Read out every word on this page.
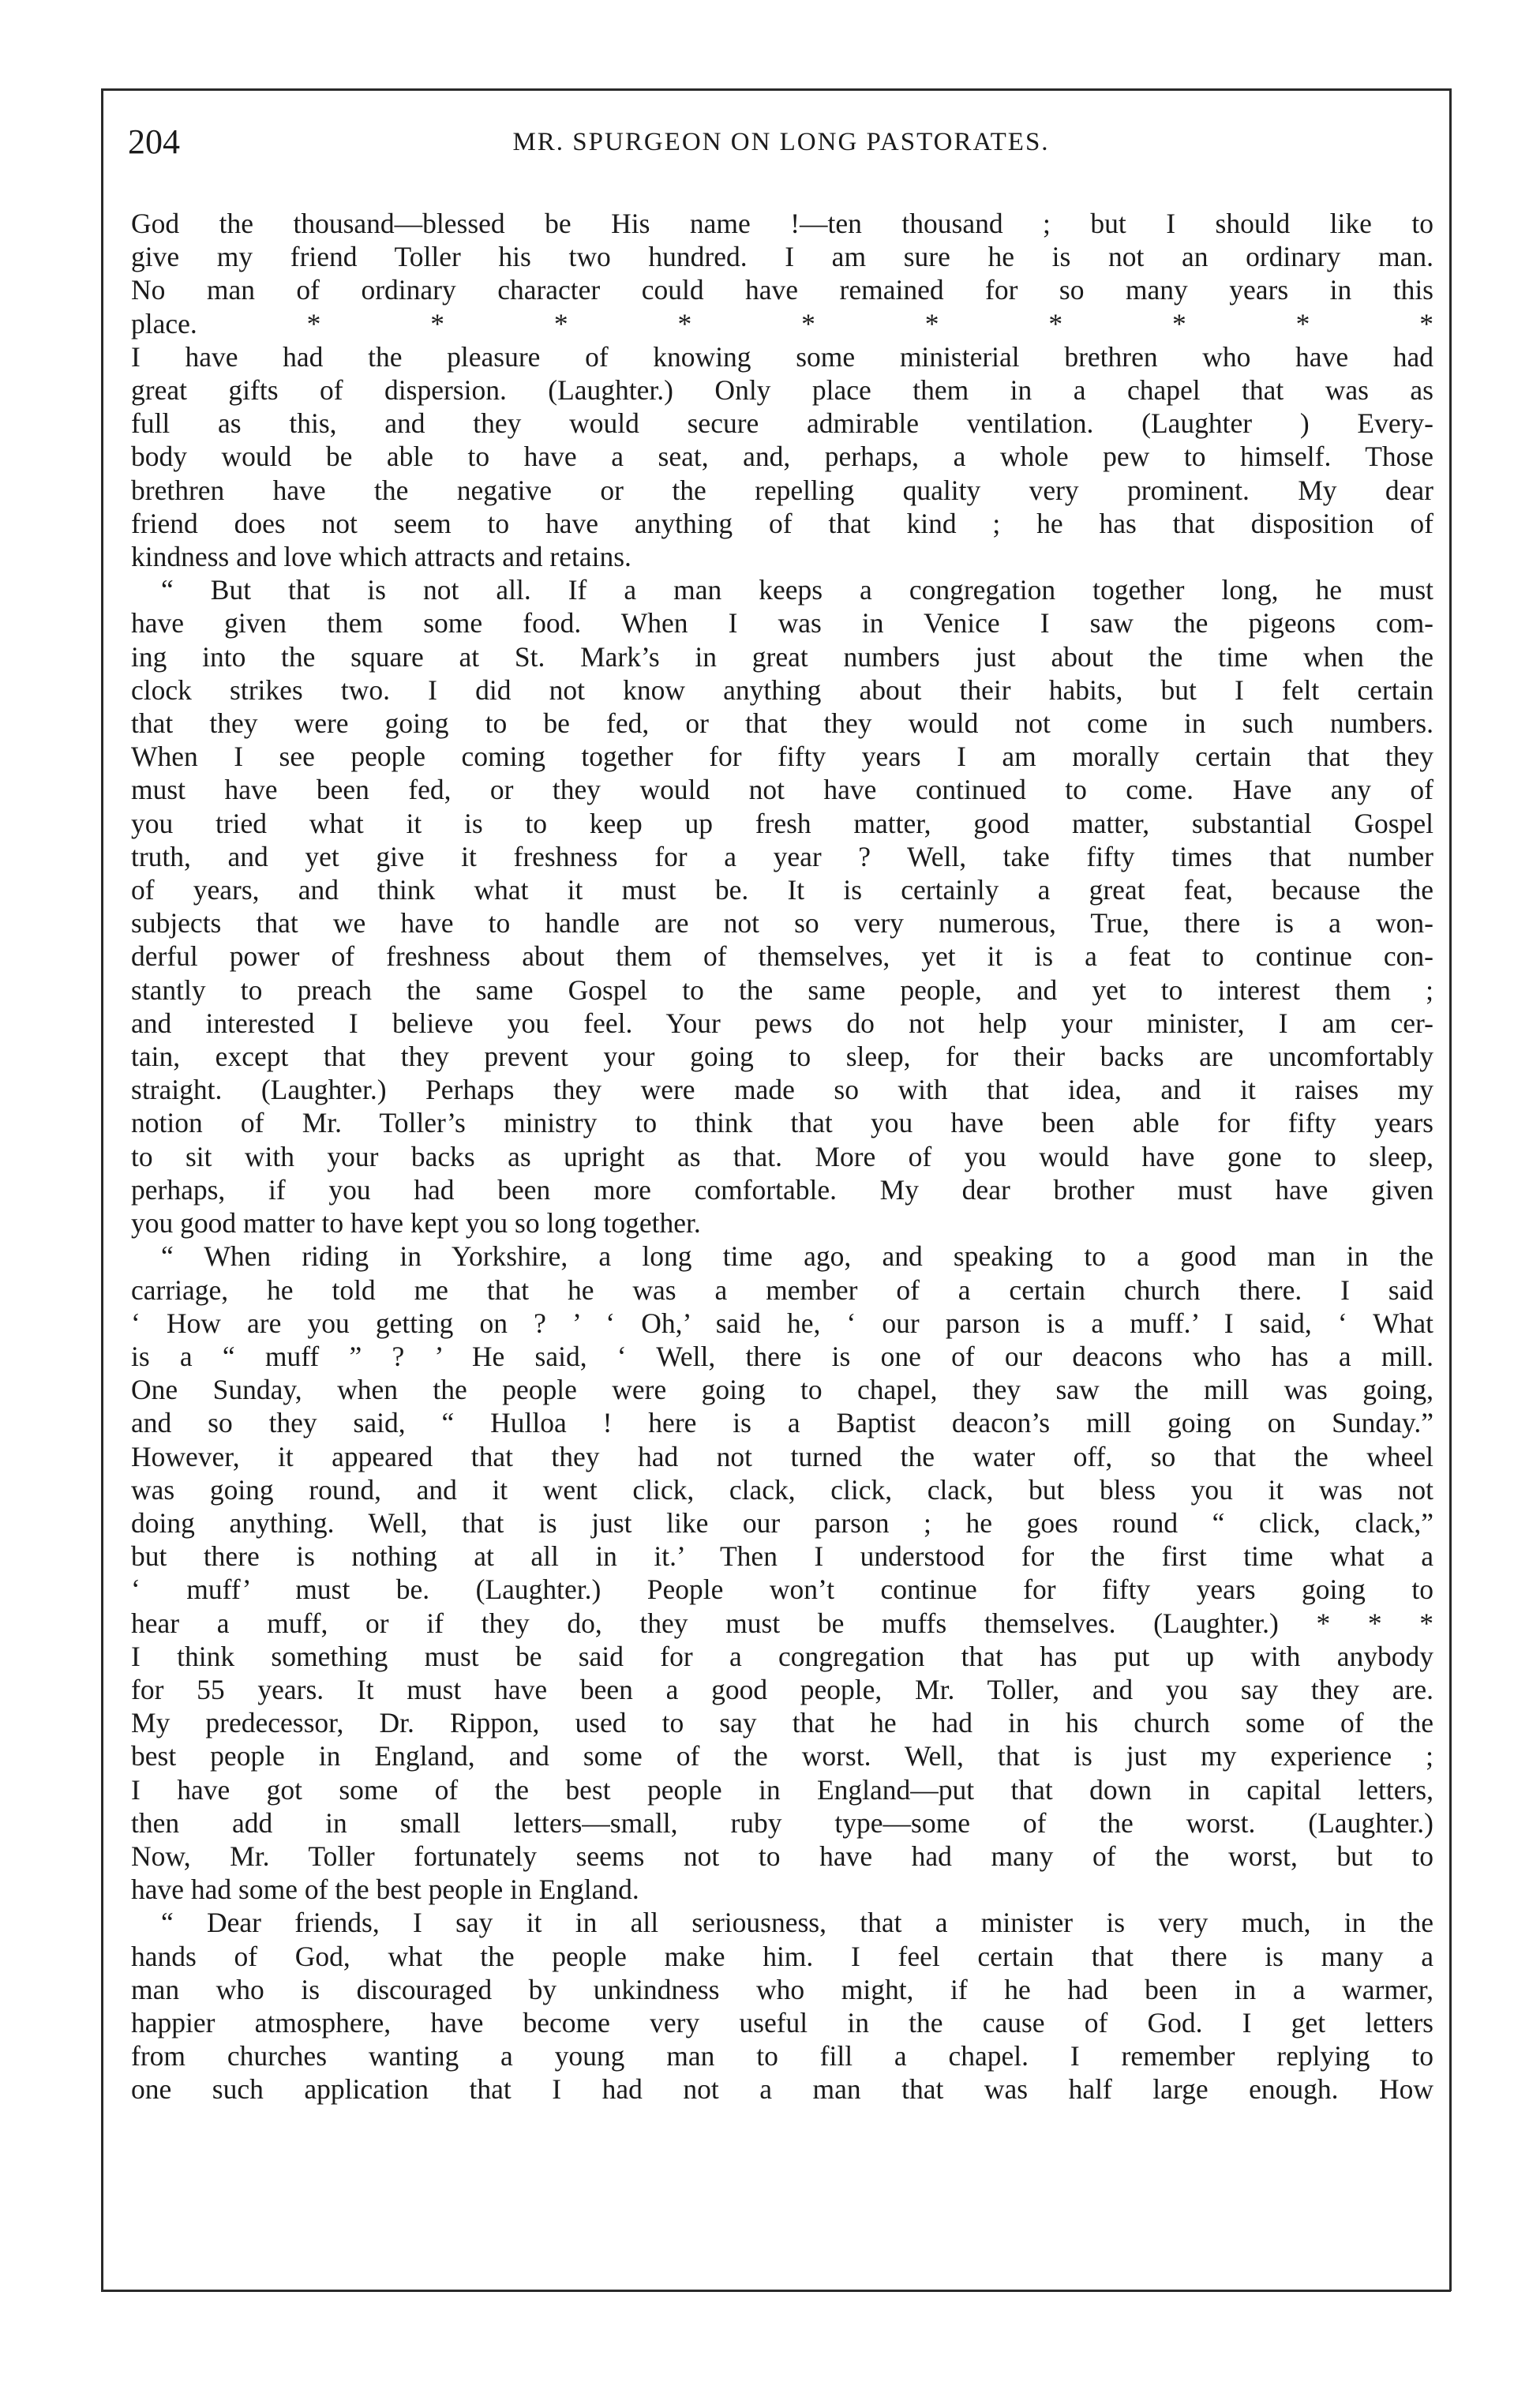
204	MR. SPURGEON ON LONG PASTORATES.
God the thousand—blessed be His name !—ten thousand ; but I should like to
give my friend Toller his two hundred. I am sure he is not an ordinary man.
No man of ordinary character could have remained for so many years in this
place. * * * * * * * * * *
I have had the pleasure of knowing some ministerial brethren who have had
great gifts of dispersion. (Laughter.) Only place them in a chapel that was as
full as this, and they would secure admirable ventilation. (Laughter ) Every-
body would be able to have a seat, and, perhaps, a whole pew to himself. Those
brethren have the negative or the repelling quality very prominent. My dear
friend does not seem to have anything of that kind ; he has that disposition of
kindness and love which attracts and retains.
“ But that is not all. If a man keeps a congregation together long, he must
have given them some food. When I was in Venice I saw the pigeons com-
ing into the square at St. Mark’s in great numbers just about the time when the
clock strikes two. I did not know anything about their habits, but I felt certain
that they were going to be fed, or that they would not come in such numbers.
When I see people coming together for fifty years I am morally certain that they
must have been fed, or they would not have continued to come. Have any of
you tried what it is to keep up fresh matter, good matter, substantial Gospel
truth, and yet give it freshness for a year ? Well, take fifty times that number
of years, and think what it must be. It is certainly a great feat, because the
subjects that we have to handle are not so very numerous, True, there is a won-
derful power of freshness about them of themselves, yet it is a feat to continue con-
stantly to preach the same Gospel to the same people, and yet to interest them ;
and interested I believe you feel. Your pews do not help your minister, I am cer-
tain, except that they prevent your going to sleep, for their backs are uncomfortably
straight. (Laughter.) Perhaps they were made so with that idea, and it raises my
notion of Mr. Toller’s ministry to think that you have been able for fifty years
to sit with your backs as upright as that. More of you would have gone to sleep,
perhaps, if you had been more comfortable. My dear brother must have given
you good matter to have kept you so long together.
“ When riding in Yorkshire, a long time ago, and speaking to a good man in the
carriage, he told me that he was a member of a certain church there. I said
‘ How are you getting on ? ’ ‘ Oh,’ said he, ‘ our parson is a muff.’ I said, ‘ What
is a “ muff ” ? ’ He said, ‘ Well, there is one of our deacons who has a mill.
One Sunday, when the people were going to chapel, they saw the mill was going,
and so they said, “ Hulloa ! here is a Baptist deacon’s mill going on Sunday.”
However, it appeared that they had not turned the water off, so that the wheel
was going round, and it went click, clack, click, clack, but bless you it was not
doing anything. Well, that is just like our parson ; he goes round “ click, clack,”
but there is nothing at all in it.’ Then I understood for the first time what a
‘ muff’ must be. (Laughter.) People won’t continue for fifty years going to
hear a muff, or if they do, they must be muffs themselves. (Laughter.) * * *
I think something must be said for a congregation that has put up with anybody
for 55 years. It must have been a good people, Mr. Toller, and you say they are.
My predecessor, Dr. Rippon, used to say that he had in his church some of the
best people in England, and some of the worst. Well, that is just my experience ;
I have got some of the best people in England—put that down in capital letters,
then add in small letters—small, ruby type—some of the worst. (Laughter.)
Now, Mr. Toller fortunately seems not to have had many of the worst, but to
have had some of the best people in England.
“ Dear friends, I say it in all seriousness, that a minister is very much, in the
hands of God, what the people make him. I feel certain that there is many a
man who is discouraged by unkindness who might, if he had been in a warmer,
happier atmosphere, have become very useful in the cause of God. I get letters
from churches wanting a young man to fill a chapel. I remember replying to
one such application that I had not a man that was half large enough. How
